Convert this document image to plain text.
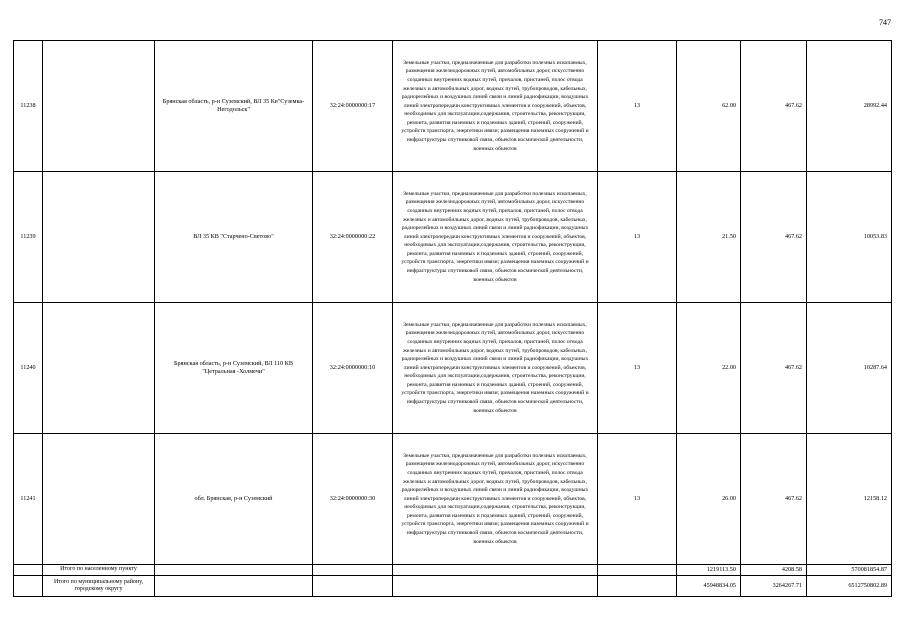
747
11238		Брянская область, р-н Суземский, ВЛ 35 Кв"Суземка-Негодольск"	32:24:0000000:17	Земельные участки, предназначенные для разработки полезных ископаемых, размещения железнодорожных путей, автомобильных дорог, искусственно созданных внутренних водных путей, причалов, пристаней, полос отвода железных и автомобильных дорог, водных путей, трубопроводов, кабельных, радиорелейных и воздушных линий связи и линий радиофикации, воздушных линий электропередачи конструктивных элементов и сооружений, объектов, необходимых для эксплуатации,содержания, строительства, реконструкции, ремонта, развития наземных и подземных зданий, строений, сооружений, устройств транспорта, энергетики ивязи; размещения наземных сооружений и инфраструктуры спутниковой связи, объектов космической деятельности, военных объектов	13	62.00	467.62	28992.44
11239		ВЛ 35 КВ "Старченo-Светово"	32:24:0000000:22	Земельные участки, предназначенные для разработки полезных ископаемых, размещения железнодорожных путей, автомобильных дорог, искусственно созданных внутренних водных путей, причалов, пристаней, полос отвода железных и автомобильных дорог, водных путей, трубопроводов, кабельных, радиорелейных и воздушных линий связи и линий радиофикации, воздушных линий электропередачи конструктивных элементов и сооружений, объектов, необходимых для эксплуатации,содержания, строительства, реконструкции, ремонта, развития наземных и подземных зданий, строений, сооружений, устройств транспорта, энергетики ивязи; размещения наземных сооружений и инфраструктуры спутниковой связи, объектов космической деятельности, военных объектов	13	21.50	467.62	10053.83
11240		Брянская область, р-н Суземский, ВЛ 110 КВ "Цетральная -Холмечи"	32:24:0000000:10	Земельные участки, предназначенные для разработки полезных ископаемых, размещения железнодорожных путей, автомобильных дорог, искусственно созданных внутренних водных путей, причалов, пристаней, полос отвода железных и автомобильных дорог, водных путей, трубопроводов, кабельных, радиорелейных и воздушных линий связи и линий радиофикации, воздушных линий электропередачи конструктивных элементов и сооружений, объектов, необходимых для эксплуатации,содержания, строительства, реконструкции, ремонта, развития наземных и подземных зданий, строений, сооружений, устройств транспорта, энергетики ивязи; размещения наземных сооружений и инфраструктуры спутниковой связи, объектов космической деятельности, военных объектов	13	22.00	467.62	10287.64
11241		обл. Брянская, р-н Суземский	32:24:0000000:30	Земельные участки, предназначенные для разработки полезных ископаемых, размещения железнодорожных путей, автомобильных дорог, искусственно созданных внутренних водных путей, причалов, пристаней, полос отвода железных и автомобильных дорог, водных путей, трубопроводов, кабельных, радиорелейных и воздушных линий связи и линий радиофикации, воздушных линий электропередачи конструктивных элементов и сооружений, объектов, необходимых для эксплуатации,содержания, строительства, реконструкции, ремонта, развития наземных и подземных зданий, строений, сооружений, устройств транспорта, энергетики ивязи; размещения наземных сооружений и инфраструктуры спутниковой связи, объектов космической деятельности, военных объектов	13	26.00	467.62	12158.12
	Итого по населенному пункту					1219113.50	4208.58	570081854.87
	Итого по муниципальному району, городскому округу					45948834.05	3264267.71	6512750802.89
